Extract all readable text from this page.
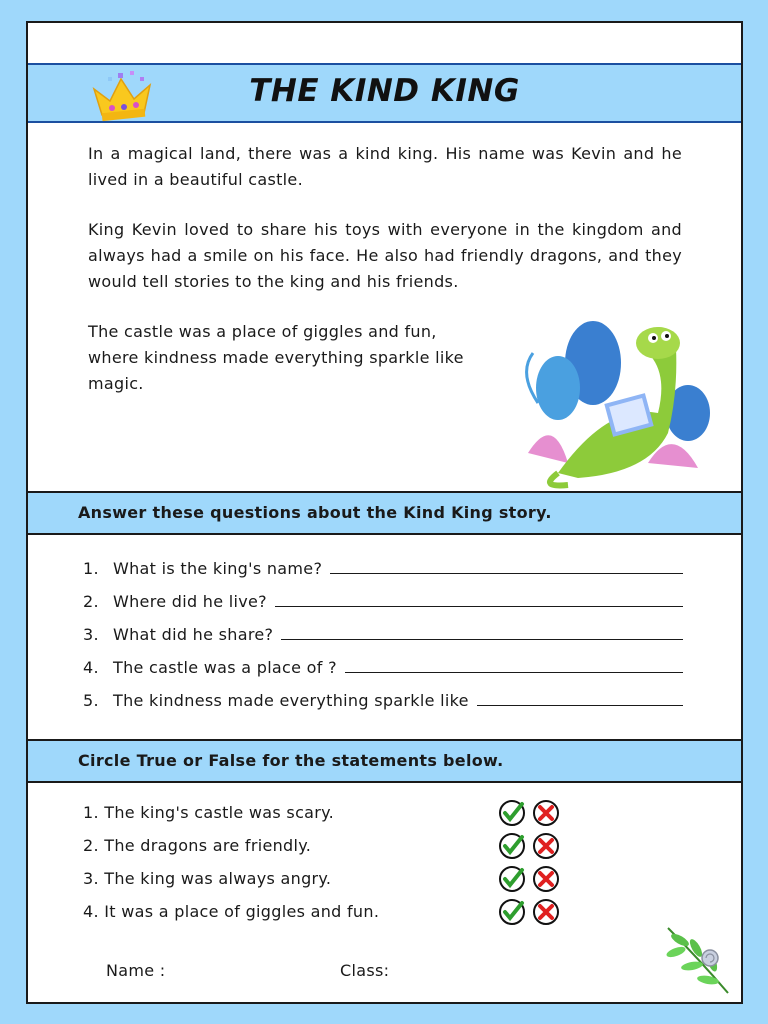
THE KIND KING

In a magical land, there was a kind king. His name was Kevin and he lived in a beautiful castle.

King Kevin loved to share his toys with everyone in the kingdom and always had a smile on his face. He also had friendly dragons, and they would tell stories to the king and his friends.

The castle was a place of giggles and fun, where kindness made everything sparkle like magic.

Answer these questions about the Kind King story.
1. What is the king's name?
2. Where did he live?
3. What did he share?
4. The castle was a place of ?
5. The kindness made everything sparkle like
Circle True or False for the statements below.
1. The king's castle was scary.
2. The dragons are friendly.
3. The king was always angry.
4. It was a place of giggles and fun.
Name :	Class:
